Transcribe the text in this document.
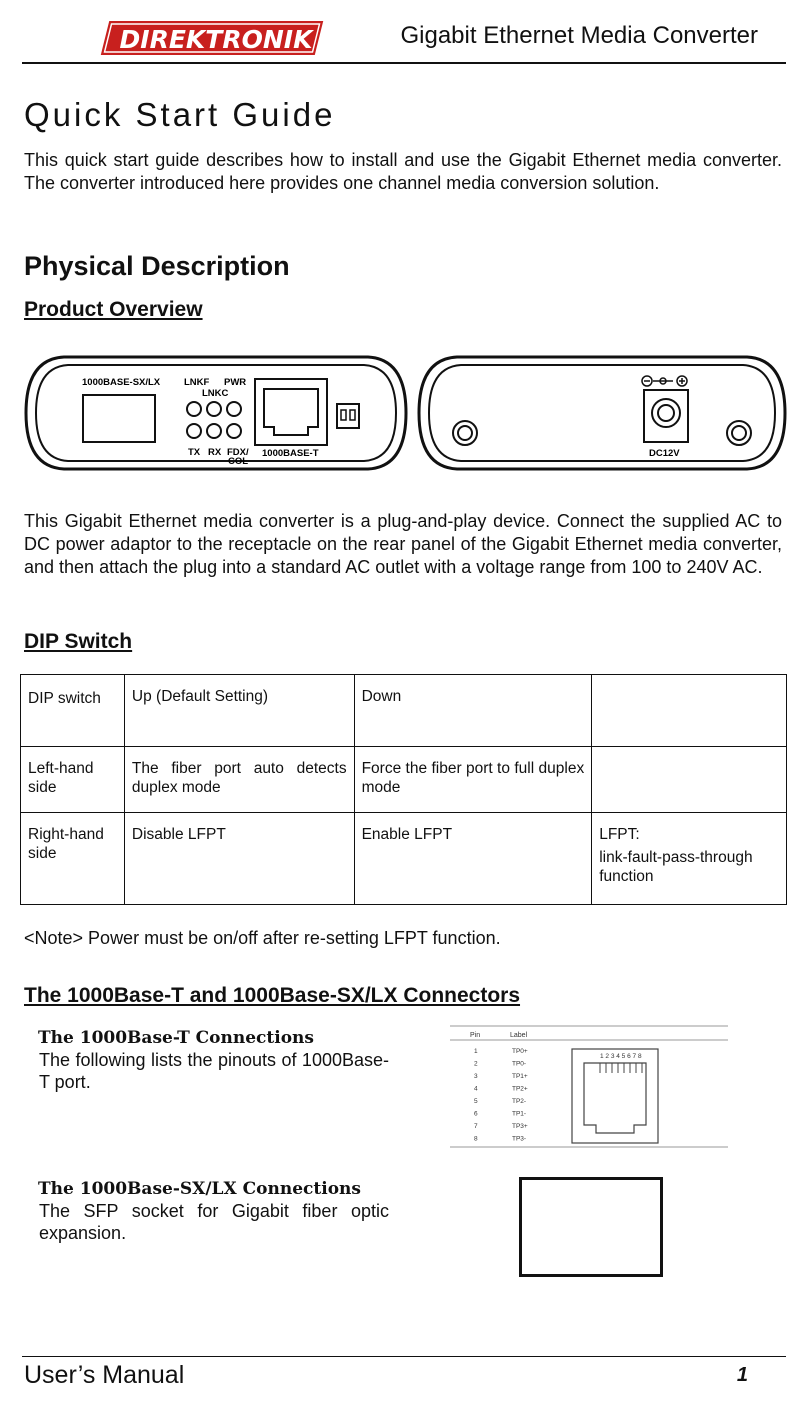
DIREKTRONIK	Gigabit Ethernet Media Converter
Quick Start Guide
This quick start guide describes how to install and use the Gigabit Ethernet media converter. The converter introduced here provides one channel media conversion solution.
Physical Description
Product Overview
1000BASE-SX/LX	LNKF PWR
LNKC
TX RX FDX/
COL
1000BASE-T	DC12V
This Gigabit Ethernet media converter is a plug-and-play device. Connect the supplied AC to DC power adaptor to the receptacle on the rear panel of the Gigabit Ethernet media converter, and then attach the plug into a standard AC outlet with a voltage range from 100 to 240V AC.
DIP Switch
DIP switch	Up (Default Setting)	Down	
Left-hand side	The fiber port auto detects duplex mode	Force the fiber port to full duplex mode	
Right-hand side	Disable LFPT	Enable LFPT	LFPT:
link-fault-pass-through function
<Note> Power must be on/off after re-setting LFPT function.
The 1000Base-T and 1000Base-SX/LX Connectors
The 1000Base-T Connections
The following lists the pinouts of 1000Base-T port.
Pin	Label
1	TP0+
2	TP0-
3	TP1+
4	TP2+
5	TP2-
6	TP1-
7	TP3+
8	TP3-
1 2 3 4 5 6 7 8
The 1000Base-SX/LX Connections
The SFP socket for Gigabit fiber optic expansion.
User’s Manual	1
